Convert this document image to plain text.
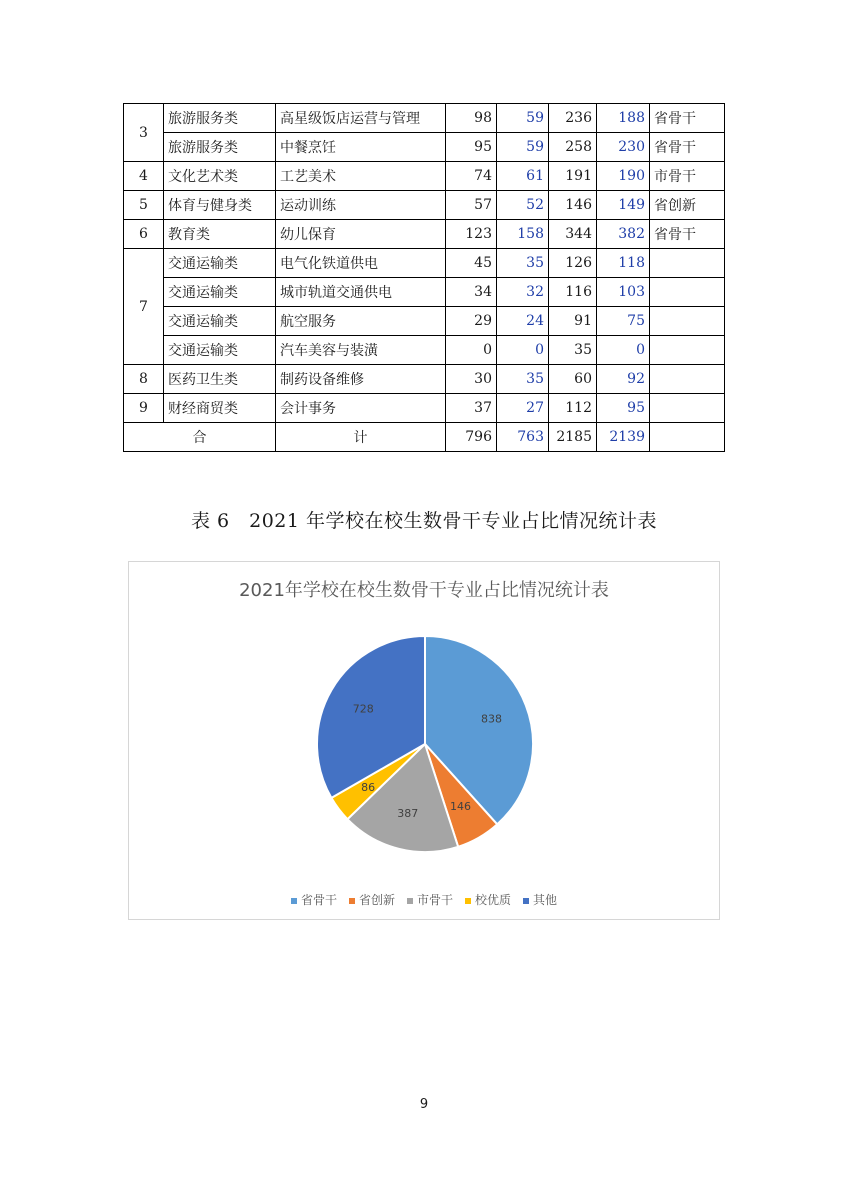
3	旅游服务类	高星级饭店运营与管理	98	59	236	188	省骨干
	旅游服务类	中餐烹饪	95	59	258	230	省骨干
4	文化艺术类	工艺美术	74	61	191	190	市骨干
5	体育与健身类	运动训练	57	52	146	149	省创新
6	教育类	幼儿保育	123	158	344	382	省骨干
7	交通运输类	电气化铁道供电	45	35	126	118	
	交通运输类	城市轨道交通供电	34	32	116	103	
	交通运输类	航空服务	29	24	91	75	
	交通运输类	汽车美容与装潢	0	0	35	0	
8	医药卫生类	制药设备维修	30	35	60	92	
9	财经商贸类	会计事务	37	27	112	95	
合		计	796	763	2185	2139	
表 6　2021 年学校在校生数骨干专业占比情况统计表
2021年学校在校生数骨干专业占比情况统计表
838
146
387
86
728
省骨干 省创新 市骨干 校优质 其他
9
